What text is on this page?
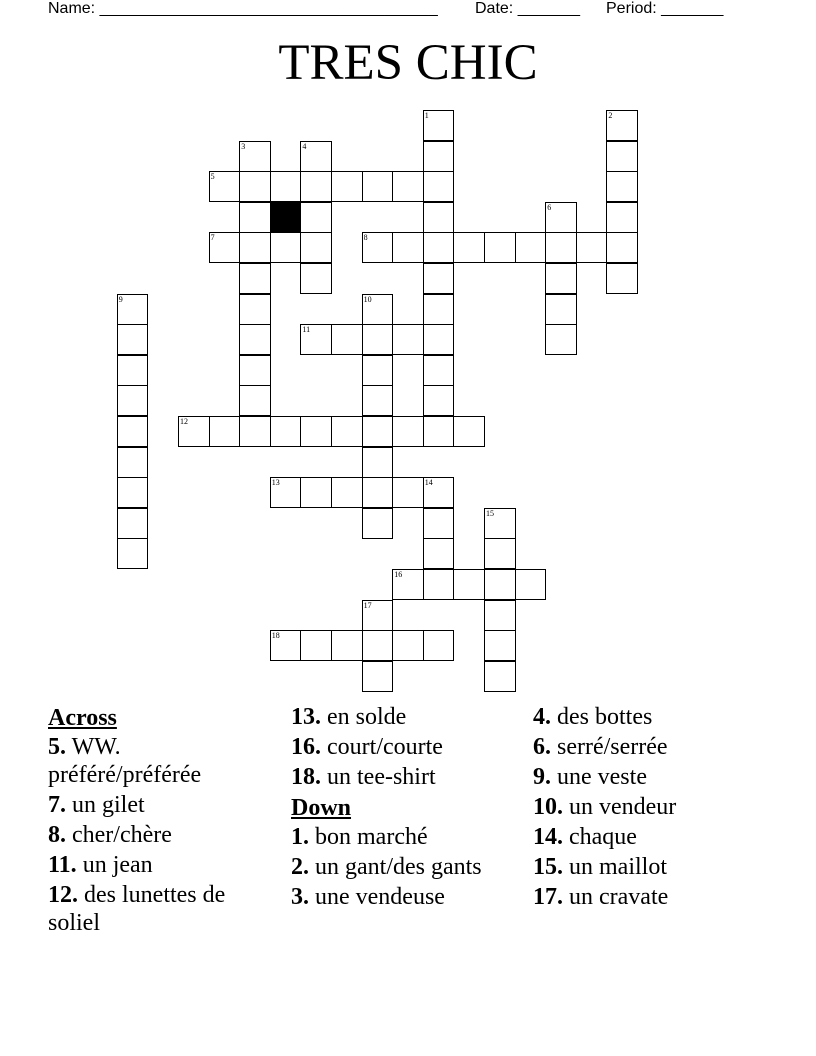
Name: ______________________________________ Date: _______ Period: _______
TRES CHIC
1	2
3	4
5
6
7	8
9	10
11
12
13	14
15
16
17
18
Across
5. WW. préféré/préférée
7. un gilet
8. cher/chère
11. un jean
12. des lunettes de soliel
13. en solde
16. court/courte
18. un tee-shirt
Down
1. bon marché
2. un gant/des gants
3. une vendeuse
4. des bottes
6. serré/serrée
9. une veste
10. un vendeur
14. chaque
15. un maillot
17. un cravate
